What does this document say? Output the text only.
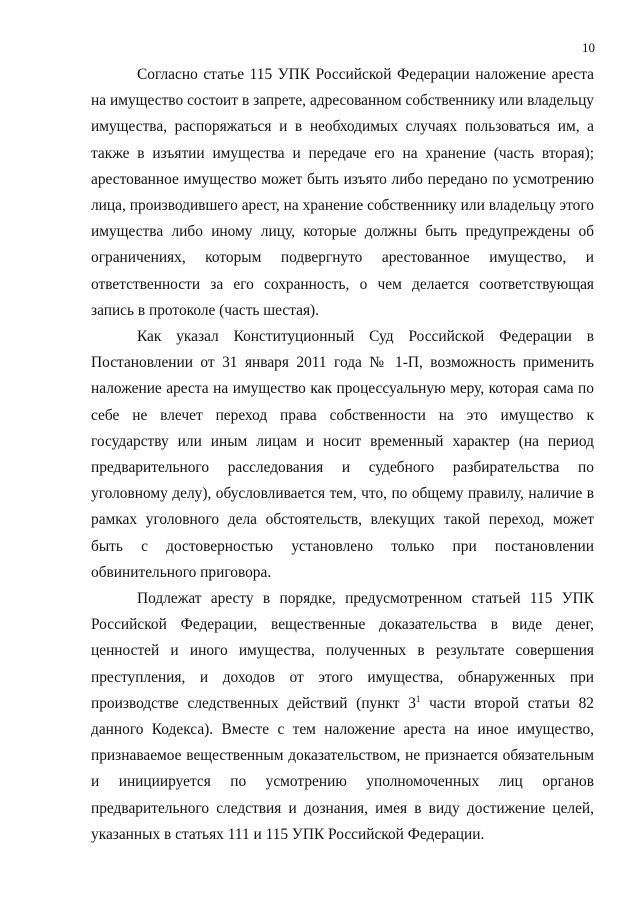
10

Согласно статье 115 УПК Российской Федерации наложение ареста на имущество состоит в запрете, адресованном собственнику или владельцу имущества, распоряжаться и в необходимых случаях пользоваться им, а также в изъятии имущества и передаче его на хранение (часть вторая); арестованное имущество может быть изъято либо передано по усмотрению лица, производившего арест, на хранение собственнику или владельцу этого имущества либо иному лицу, которые должны быть предупреждены об ограничениях, которым подвергнуто арестованное имущество, и ответственности за его сохранность, о чем делается соответствующая запись в протоколе (часть шестая).

Как указал Конституционный Суд Российской Федерации в Постановлении от 31 января 2011 года № 1-П, возможность применить наложение ареста на имущество как процессуальную меру, которая сама по себе не влечет переход права собственности на это имущество к государству или иным лицам и носит временный характер (на период предварительного расследования и судебного разбирательства по уголовному делу), обусловливается тем, что, по общему правилу, наличие в рамках уголовного дела обстоятельств, влекущих такой переход, может быть с достоверностью установлено только при постановлении обвинительного приговора.

Подлежат аресту в порядке, предусмотренном статьей 115 УПК Российской Федерации, вещественные доказательства в виде денег, ценностей и иного имущества, полученных в результате совершения преступления, и доходов от этого имущества, обнаруженных при производстве следственных действий (пункт $3^1$ части второй статьи 82 данного Кодекса). Вместе с тем наложение ареста на иное имущество, признаваемое вещественным доказательством, не признается обязательным и инициируется по усмотрению уполномоченных лиц органов предварительного следствия и дознания, имея в виду достижение целей, указанных в статьях 111 и 115 УПК Российской Федерации.
